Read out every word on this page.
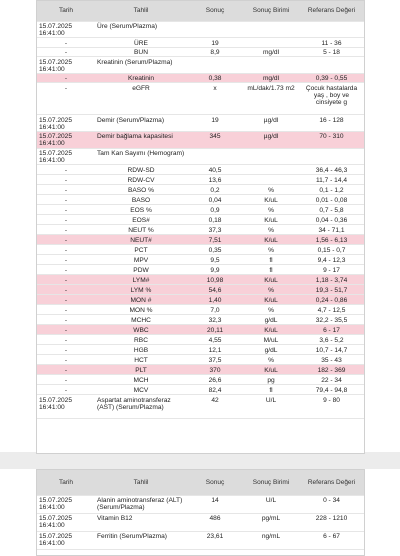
Tarih	Tahlil	Sonuç	Sonuç Birimi	Referans Değeri
15.07.2025 16:41:00	Üre (Serum/Plazma)			
-	ÜRE	19		11 - 36
-	BUN	8,9	mg/dl	5 - 18
15.07.2025 16:41:00	Kreatinin (Serum/Plazma)			
-	Kreatinin	0,38	mg/dl	0,39 - 0,55
-	eGFR	x	mL/dak/1.73 m2	Çocuk hastalarda yaş , boy ve cinsiyete g
15.07.2025 16:41:00	Demir (Serum/Plazma)	19	µg/dl	16 - 128
15.07.2025 16:41:00	Demir bağlama kapasitesi	345	µg/dl	70 - 310
15.07.2025 16:41:00	Tam Kan Sayımı (Hemogram)			
-	RDW-SD	40,5		36,4 - 46,3
-	RDW-CV	13,6		11,7 - 14,4
-	BASO %	0,2	%	0,1 - 1,2
-	BASO	0,04	K/uL	0,01 - 0,08
-	EOS %	0,9	%	0,7 - 5,8
-	EOS#	0,18	K/uL	0,04 - 0,36
-	NEUT %	37,3	%	34 - 71,1
-	NEUT#	7,51	K/uL	1,56 - 6,13
-	PCT	0,35	%	0,15 - 0,7
-	MPV	9,5	fl	9,4 - 12,3
-	PDW	9,9	fl	9 - 17
-	LYM#	10,98	K/uL	1,18 - 3,74
-	LYM %	54,6	%	19,3 - 51,7
-	MON #	1,40	K/uL	0,24 - 0,86
-	MON %	7,0	%	4,7 - 12,5
-	MCHC	32,3	g/dL	32,2 - 35,5
-	WBC	20,11	K/uL	6 - 17
-	RBC	4,55	M/uL	3,6 - 5,2
-	HGB	12,1	g/dL	10,7 - 14,7
-	HCT	37,5	%	35 - 43
-	PLT	370	K/uL	182 - 369
-	MCH	26,6	pg	22 - 34
-	MCV	82,4	fl	79,4 - 94,8
15.07.2025 16:41:00	Aspartat aminotransferaz (AST) (Serum/Plazma)	42	U/L	9 - 80
Tarih	Tahlil	Sonuç	Sonuç Birimi	Referans Değeri
15.07.2025 16:41:00	Alanin aminotransferaz (ALT) (Serum/Plazma)	14	U/L	0 - 34
15.07.2025 16:41:00	Vitamin B12	486	pg/mL	228 - 1210
15.07.2025 16:41:00	Ferritin (Serum/Plazma)	23,61	ng/mL	6 - 67
